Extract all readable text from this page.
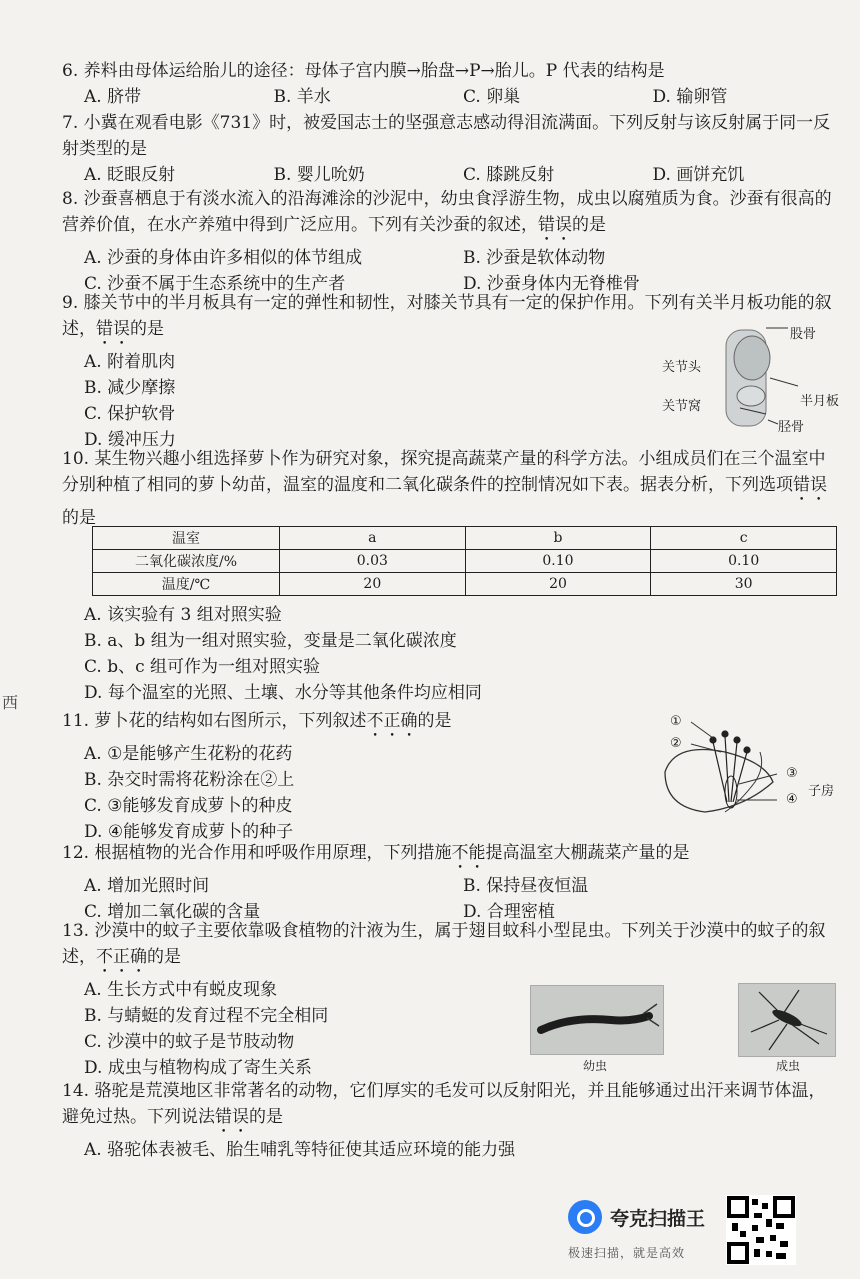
6. 养料由母体运给胎儿的途径：母体子宫内膜→胎盘→P→胎儿。P 代表的结构是
A. 脐带	B. 羊水	C. 卵巢	D. 输卵管
7. 小冀在观看电影《731》时，被爱国志士的坚强意志感动得泪流满面。下列反射与该反射属于同一反射类型的是
A. 眨眼反射	B. 婴儿吮奶	C. 膝跳反射	D. 画饼充饥
8. 沙蚕喜栖息于有淡水流入的沿海滩涂的沙泥中，幼虫食浮游生物，成虫以腐殖质为食。沙蚕有很高的营养价值，在水产养殖中得到广泛应用。下列有关沙蚕的叙述，错误的是
A. 沙蚕的身体由许多相似的体节组成	B. 沙蚕是软体动物
C. 沙蚕不属于生态系统中的生产者	D. 沙蚕身体内无脊椎骨
9. 膝关节中的半月板具有一定的弹性和韧性，对膝关节具有一定的保护作用。下列有关半月板功能的叙述，错误的是
A. 附着肌肉
B. 减少摩擦
C. 保护软骨
D. 缓冲压力
股骨
关节头
半月板
关节窝
胫骨
10. 某生物兴趣小组选择萝卜作为研究对象，探究提高蔬菜产量的科学方法。小组成员们在三个温室中分别种植了相同的萝卜幼苗，温室的温度和二氧化碳条件的控制情况如下表。据表分析，下列选项错误的是
温室	a	b	c
二氧化碳浓度/%	0.03	0.10	0.10
温度/℃	20	20	30
A. 该实验有 3 组对照实验
B. a、b 组为一组对照实验，变量是二氧化碳浓度
C. b、c 组可作为一组对照实验
D. 每个温室的光照、土壤、水分等其他条件均应相同
西
11. 萝卜花的结构如右图所示，下列叙述不正确的是
A. ①是能够产生花粉的花药
B. 杂交时需将花粉涂在②上
C. ③能够发育成萝卜的种皮
D. ④能够发育成萝卜的种子
①
②
③
④
子房
12. 根据植物的光合作用和呼吸作用原理，下列措施不能提高温室大棚蔬菜产量的是
A. 增加光照时间	B. 保持昼夜恒温
C. 增加二氧化碳的含量	D. 合理密植
13. 沙漠中的蚊子主要依靠吸食植物的汁液为生，属于翅目蚊科小型昆虫。下列关于沙漠中的蚊子的叙述，不正确的是
A. 生长方式中有蜕皮现象
B. 与蜻蜓的发育过程不完全相同
C. 沙漠中的蚊子是节肢动物
D. 成虫与植物构成了寄生关系	幼虫	成虫
14. 骆驼是荒漠地区非常著名的动物，它们厚实的毛发可以反射阳光，并且能够通过出汗来调节体温，避免过热。下列说法错误的是
A. 骆驼体表被毛、胎生哺乳等特征使其适应环境的能力强
夸克扫描王
极速扫描，就是高效
